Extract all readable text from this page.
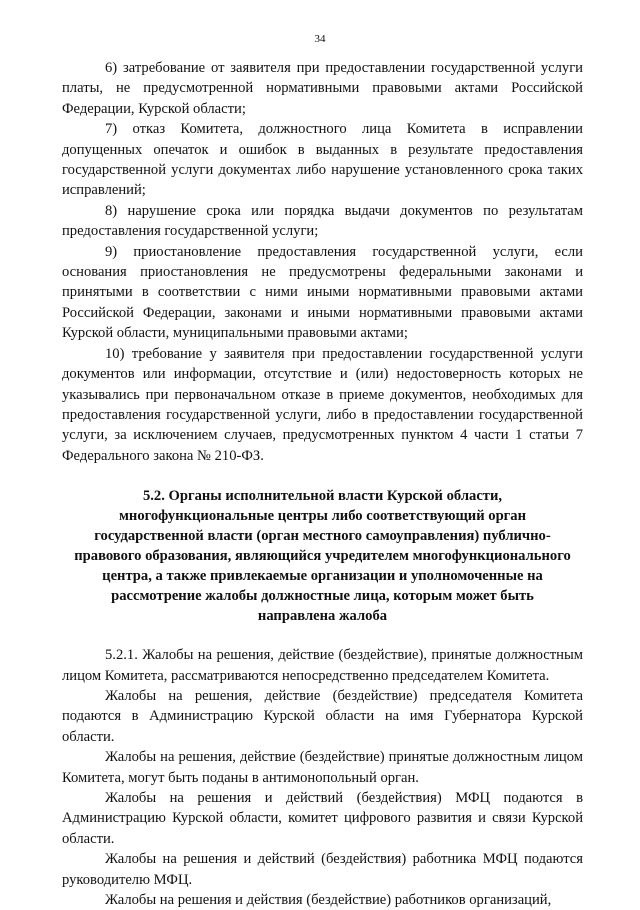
34

6) затребование от заявителя при предоставлении государственной услуги платы, не предусмотренной нормативными правовыми актами Российской Федерации, Курской области;

7) отказ Комитета, должностного лица Комитета в исправлении допущенных опечаток и ошибок в выданных в результате предоставления государственной услуги документах либо нарушение установленного срока таких исправлений;

8) нарушение срока или порядка выдачи документов по результатам предоставления государственной услуги;

9) приостановление предоставления государственной услуги, если основания приостановления не предусмотрены федеральными законами и принятыми в соответствии с ними иными нормативными правовыми актами Российской Федерации, законами и иными нормативными правовыми актами Курской области, муниципальными правовыми актами;

10) требование у заявителя при предоставлении государственной услуги документов или информации, отсутствие и (или) недостоверность которых не указывались при первоначальном отказе в приеме документов, необходимых для предоставления государственной услуги, либо в предоставлении государственной услуги, за исключением случаев, предусмотренных пунктом 4 части 1 статьи 7 Федерального закона № 210-ФЗ.

5.2. Органы исполнительной власти Курской области, многофункциональные центры либо соответствующий орган государственной власти (орган местного самоуправления) публично-правового образования, являющийся учредителем многофункционального центра, а также привлекаемые организации и уполномоченные на рассмотрение жалобы должностные лица, которым может быть направлена жалоба

5.2.1. Жалобы на решения, действие (бездействие), принятые должностным лицом Комитета, рассматриваются непосредственно председателем Комитета.

Жалобы на решения, действие (бездействие) председателя Комитета подаются в Администрацию Курской области на имя Губернатора Курской области.

Жалобы на решения, действие (бездействие) принятые должностным лицом Комитета, могут быть поданы в антимонопольный орган.

Жалобы на решения и действий (бездействия) МФЦ подаются в Администрацию Курской области, комитет цифрового развития и связи Курской области.

Жалобы на решения и действий (бездействия) работника МФЦ подаются руководителю МФЦ.

Жалобы на решения и действия (бездействие) работников организаций,
